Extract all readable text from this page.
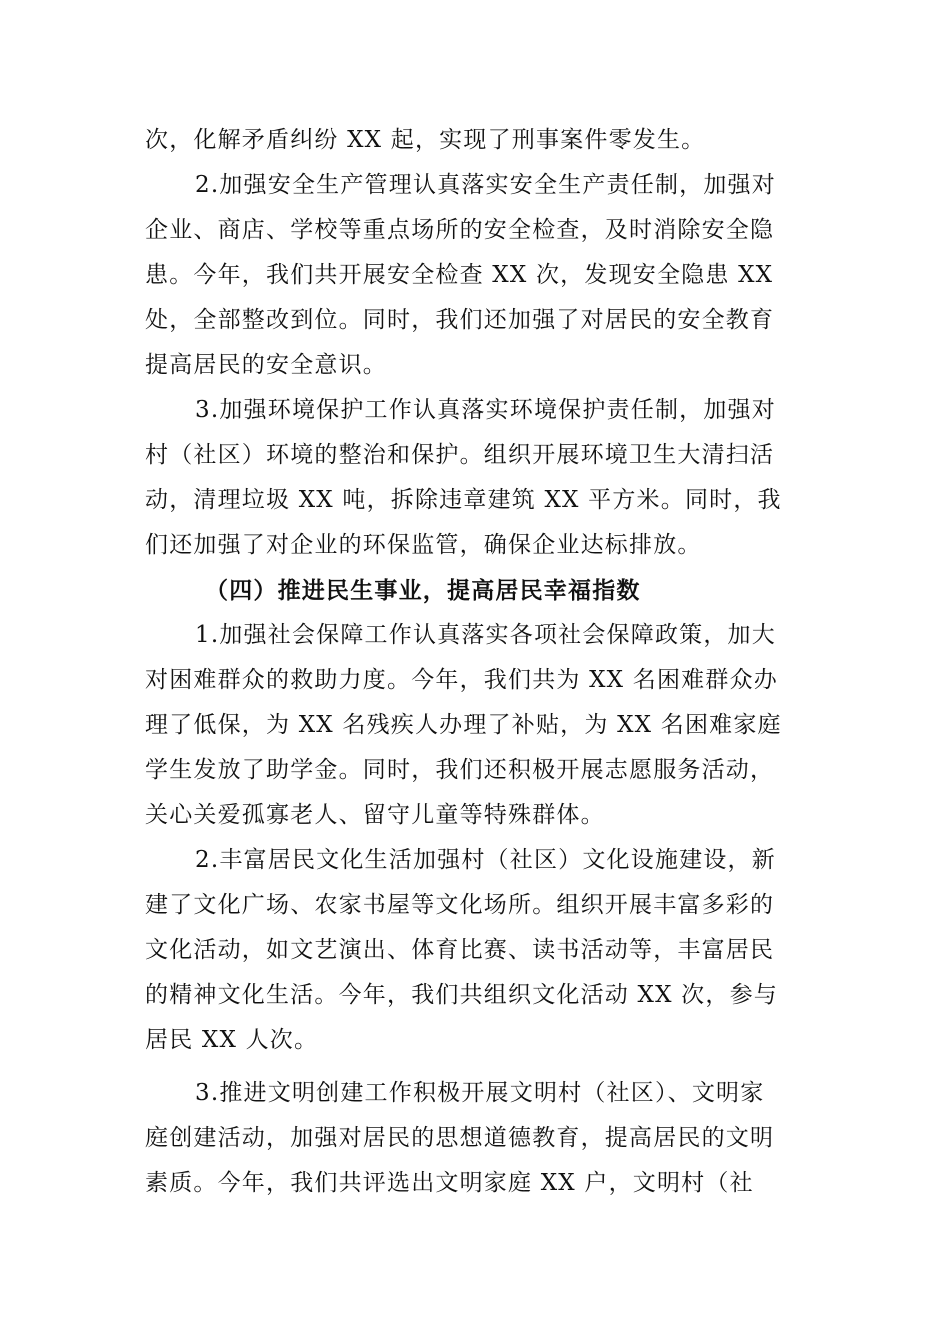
次，化解矛盾纠纷 XX 起，实现了刑事案件零发生。
2.加强安全生产管理认真落实安全生产责任制，加强对
企业、商店、学校等重点场所的安全检查，及时消除安全隐
患。今年，我们共开展安全检查 XX 次，发现安全隐患 XX
处，全部整改到位。同时，我们还加强了对居民的安全教育
提高居民的安全意识。
3.加强环境保护工作认真落实环境保护责任制，加强对
村（社区）环境的整治和保护。组织开展环境卫生大清扫活
动，清理垃圾 XX 吨，拆除违章建筑 XX 平方米。同时，我
们还加强了对企业的环保监管，确保企业达标排放。
（四）推进民生事业，提高居民幸福指数
1.加强社会保障工作认真落实各项社会保障政策，加大
对困难群众的救助力度。今年，我们共为 XX 名困难群众办
理了低保，为 XX 名残疾人办理了补贴，为 XX 名困难家庭
学生发放了助学金。同时，我们还积极开展志愿服务活动，
关心关爱孤寡老人、留守儿童等特殊群体。
2.丰富居民文化生活加强村（社区）文化设施建设，新
建了文化广场、农家书屋等文化场所。组织开展丰富多彩的
文化活动，如文艺演出、体育比赛、读书活动等，丰富居民
的精神文化生活。今年，我们共组织文化活动 XX 次，参与
居民 XX 人次。
3.推进文明创建工作积极开展文明村（社区）、文明家
庭创建活动，加强对居民的思想道德教育，提高居民的文明
素质。今年，我们共评选出文明家庭 XX 户，文明村（社
